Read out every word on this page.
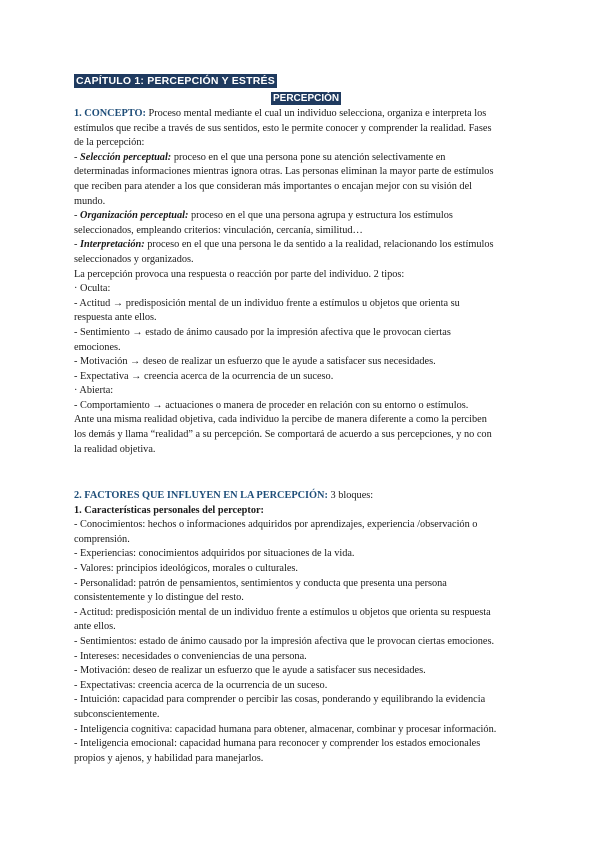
CAPÍTULO 1: PERCEPCIÓN Y ESTRÉS
PERCEPCIÓN
1. CONCEPTO: Proceso mental mediante el cual un individuo selecciona, organiza e interpreta los
estímulos que recibe a través de sus sentidos, esto le permite conocer y comprender la realidad. Fases
de la percepción:
- Selección perceptual: proceso en el que una persona pone su atención selectivamente en
determinadas informaciones mientras ignora otras. Las personas eliminan la mayor parte de estímulos
que reciben para atender a los que consideran más importantes o encajan mejor con su visión del
mundo.
- Organización perceptual: proceso en el que una persona agrupa y estructura los estímulos
seleccionados, empleando criterios: vinculación, cercanía, similitud…
- Interpretación: proceso en el que una persona le da sentido a la realidad, relacionando los estímulos
seleccionados y organizados.
La percepción provoca una respuesta o reacción por parte del individuo. 2 tipos:
· Oculta:
- Actitud → predisposición mental de un individuo frente a estímulos u objetos que orienta su
respuesta ante ellos.
- Sentimiento → estado de ánimo causado por la impresión afectiva que le provocan ciertas
emociones.
- Motivación → deseo de realizar un esfuerzo que le ayude a satisfacer sus necesidades.
- Expectativa → creencia acerca de la ocurrencia de un suceso.
· Abierta:
- Comportamiento → actuaciones o manera de proceder en relación con su entorno o estímulos.
Ante una misma realidad objetiva, cada individuo la percibe de manera diferente a como la perciben
los demás y llama “realidad” a su percepción. Se comportará de acuerdo a sus percepciones, y no con
la realidad objetiva.
2. FACTORES QUE INFLUYEN EN LA PERCEPCIÓN: 3 bloques:
1. Características personales del perceptor:
- Conocimientos: hechos o informaciones adquiridos por aprendizajes, experiencia /observación o
comprensión.
- Experiencias: conocimientos adquiridos por situaciones de la vida.
- Valores: principios ideológicos, morales o culturales.
- Personalidad: patrón de pensamientos, sentimientos y conducta que presenta una persona
consistentemente y lo distingue del resto.
- Actitud: predisposición mental de un individuo frente a estímulos u objetos que orienta su respuesta
ante ellos.
- Sentimientos: estado de ánimo causado por la impresión afectiva que le provocan ciertas emociones.
- Intereses: necesidades o conveniencias de una persona.
- Motivación: deseo de realizar un esfuerzo que le ayude a satisfacer sus necesidades.
- Expectativas: creencia acerca de la ocurrencia de un suceso.
- Intuición: capacidad para comprender o percibir las cosas, ponderando y equilibrando la evidencia
subconscientemente.
- Inteligencia cognitiva: capacidad humana para obtener, almacenar, combinar y procesar información.
- Inteligencia emocional: capacidad humana para reconocer y comprender los estados emocionales
propios y ajenos, y habilidad para manejarlos.
